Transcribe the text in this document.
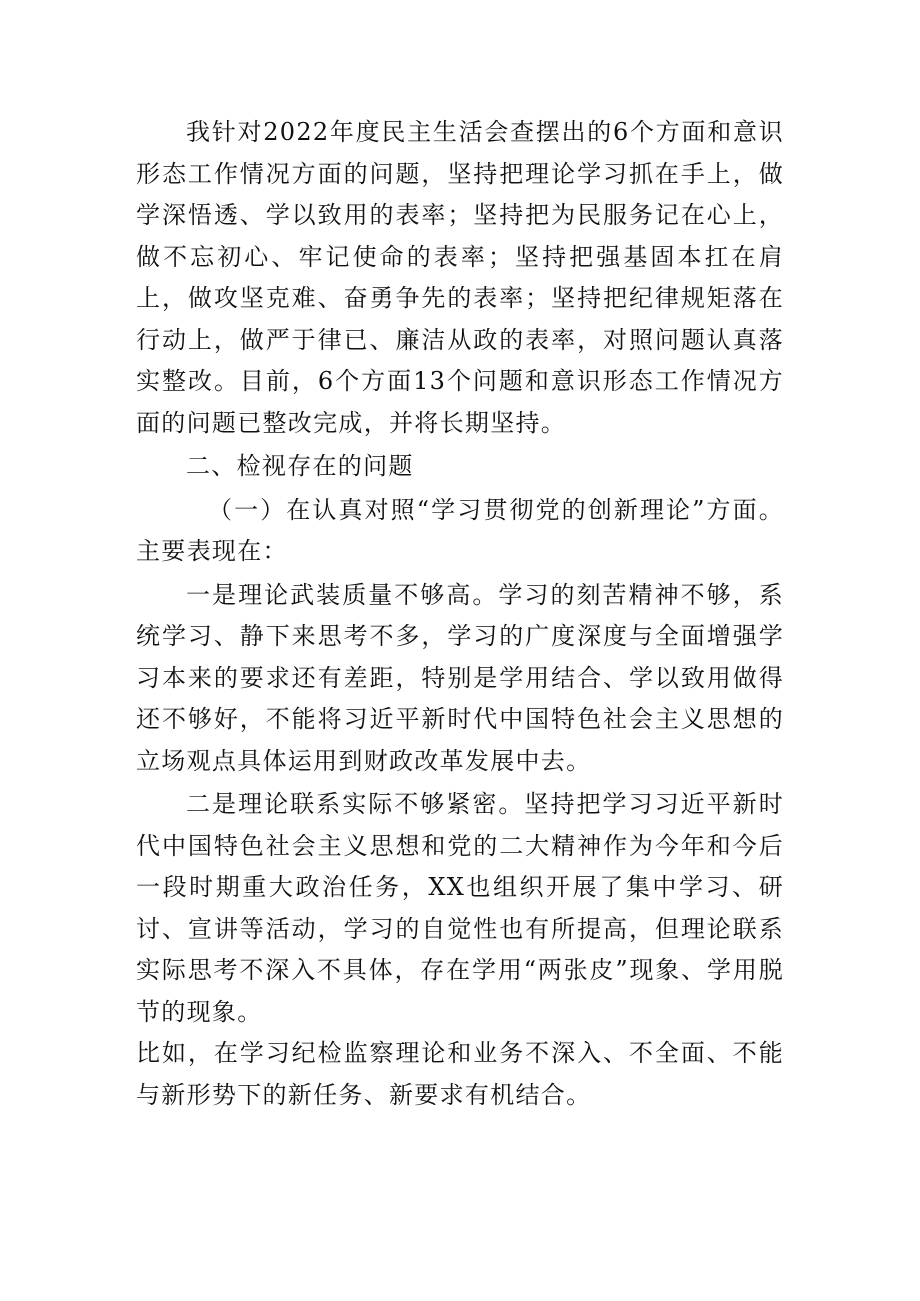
我针对2022年度民主生活会查摆出的6个方面和意识形态工作情况方面的问题，坚持把理论学习抓在手上，做学深悟透、学以致用的表率；坚持把为民服务记在心上，做不忘初心、牢记使命的表率；坚持把强基固本扛在肩上，做攻坚克难、奋勇争先的表率；坚持把纪律规矩落在行动上，做严于律已、廉洁从政的表率，对照问题认真落实整改。目前，6个方面13个问题和意识形态工作情况方面的问题已整改完成，并将长期坚持。

二、检视存在的问题

（一）在认真对照“学习贯彻党的创新理论”方面。主要表现在：

一是理论武装质量不够高。学习的刻苦精神不够，系统学习、静下来思考不多，学习的广度深度与全面增强学习本来的要求还有差距，特别是学用结合、学以致用做得还不够好，不能将习近平新时代中国特色社会主义思想的立场观点具体运用到财政改革发展中去。

二是理论联系实际不够紧密。坚持把学习习近平新时代中国特色社会主义思想和党的二大精神作为今年和今后一段时期重大政治任务，XX也组织开展了集中学习、研讨、宣讲等活动，学习的自觉性也有所提高，但理论联系实际思考不深入不具体，存在学用“两张皮”现象、学用脱节的现象。

比如，在学习纪检监察理论和业务不深入、不全面、不能与新形势下的新任务、新要求有机结合。
